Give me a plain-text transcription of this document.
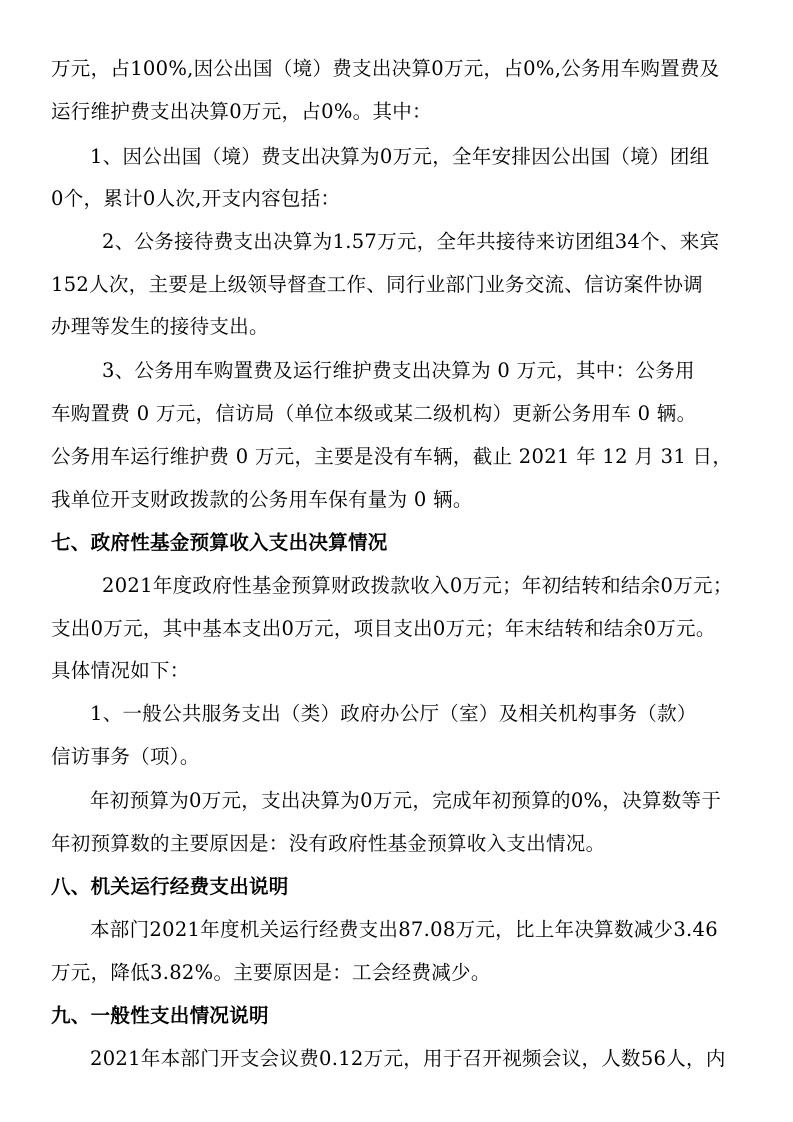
万元，占100%,因公出国（境）费支出决算0万元，占0%,公务用车购置费及
运行维护费支出决算0万元，占0%。其中：
1、因公出国（境）费支出决算为0万元，全年安排因公出国（境）团组
0个，累计0人次,开支内容包括：
2、公务接待费支出决算为1.57万元，全年共接待来访团组34个、来宾
152人次，主要是上级领导督查工作、同行业部门业务交流、信访案件协调
办理等发生的接待支出。
3、公务用车购置费及运行维护费支出决算为 0 万元，其中：公务用
车购置费 0 万元，信访局（单位本级或某二级机构）更新公务用车 0 辆。
公务用车运行维护费 0 万元，主要是没有车辆，截止 2021 年 12 月 31 日，
我单位开支财政拨款的公务用车保有量为 0 辆。
七、政府性基金预算收入支出决算情况
2021年度政府性基金预算财政拨款收入0万元；年初结转和结余0万元；
支出0万元，其中基本支出0万元，项目支出0万元；年末结转和结余0万元。
具体情况如下：
1、一般公共服务支出（类）政府办公厅（室）及相关机构事务（款）
信访事务（项）。
年初预算为0万元，支出决算为0万元，完成年初预算的0%，决算数等于
年初预算数的主要原因是：没有政府性基金预算收入支出情况。
八、机关运行经费支出说明
本部门2021年度机关运行经费支出87.08万元，比上年决算数减少3.46
万元，降低3.82%。主要原因是：工会经费减少。
九、一般性支出情况说明
2021年本部门开支会议费0.12万元，用于召开视频会议，人数56人，内
